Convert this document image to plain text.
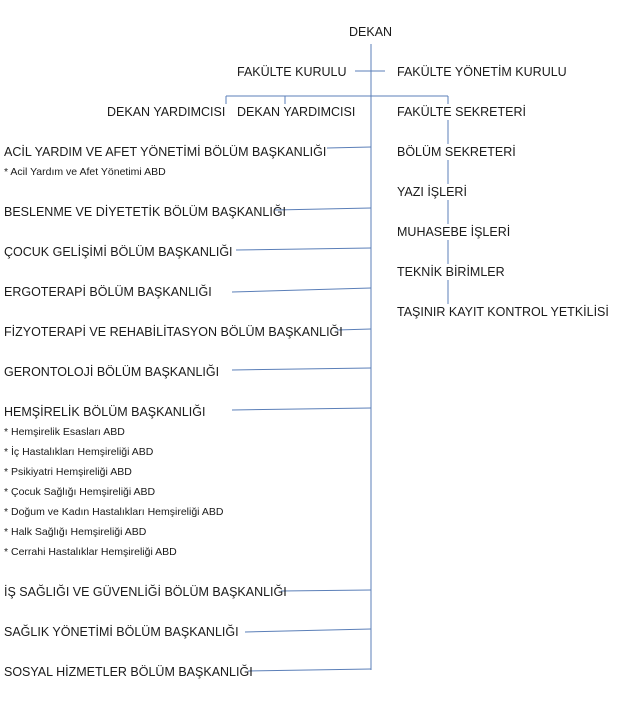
DEKAN
FAKÜLTE KURULU	FAKÜLTE YÖNETİM KURULU
DEKAN YARDIMCISI DEKAN YARDIMCISI	FAKÜLTE SEKRETERİ
BÖLÜM SEKRETERİ
YAZI İŞLERİ
MUHASEBE İŞLERİ
TEKNİK BİRİMLER
TAŞINIR KAYIT KONTROL YETKİLİSİ
ACİL YARDIM VE AFET YÖNETİMİ BÖLÜM BAŞKANLIĞI
* Acil Yardım ve Afet Yönetimi ABD
BESLENME VE DİYETETİK BÖLÜM BAŞKANLIĞI
ÇOCUK GELİŞİMİ BÖLÜM BAŞKANLIĞI
ERGOTERAPİ BÖLÜM BAŞKANLIĞI
FİZYOTERAPİ VE REHABİLİTASYON BÖLÜM BAŞKANLIĞI
GERONTOLOJİ BÖLÜM BAŞKANLIĞI
HEMŞİRELİK BÖLÜM BAŞKANLIĞI
* Hemşirelik Esasları ABD
* İç Hastalıkları Hemşireliği ABD
* Psikiyatri Hemşireliği ABD
* Çocuk Sağlığı Hemşireliği ABD
* Doğum ve Kadın Hastalıkları Hemşireliği ABD
* Halk Sağlığı Hemşireliği ABD
* Cerrahi Hastalıklar Hemşireliği ABD
İŞ SAĞLIĞI VE GÜVENLİĞİ BÖLÜM BAŞKANLIĞI
SAĞLIK YÖNETİMİ BÖLÜM BAŞKANLIĞI
SOSYAL HİZMETLER BÖLÜM BAŞKANLIĞI
